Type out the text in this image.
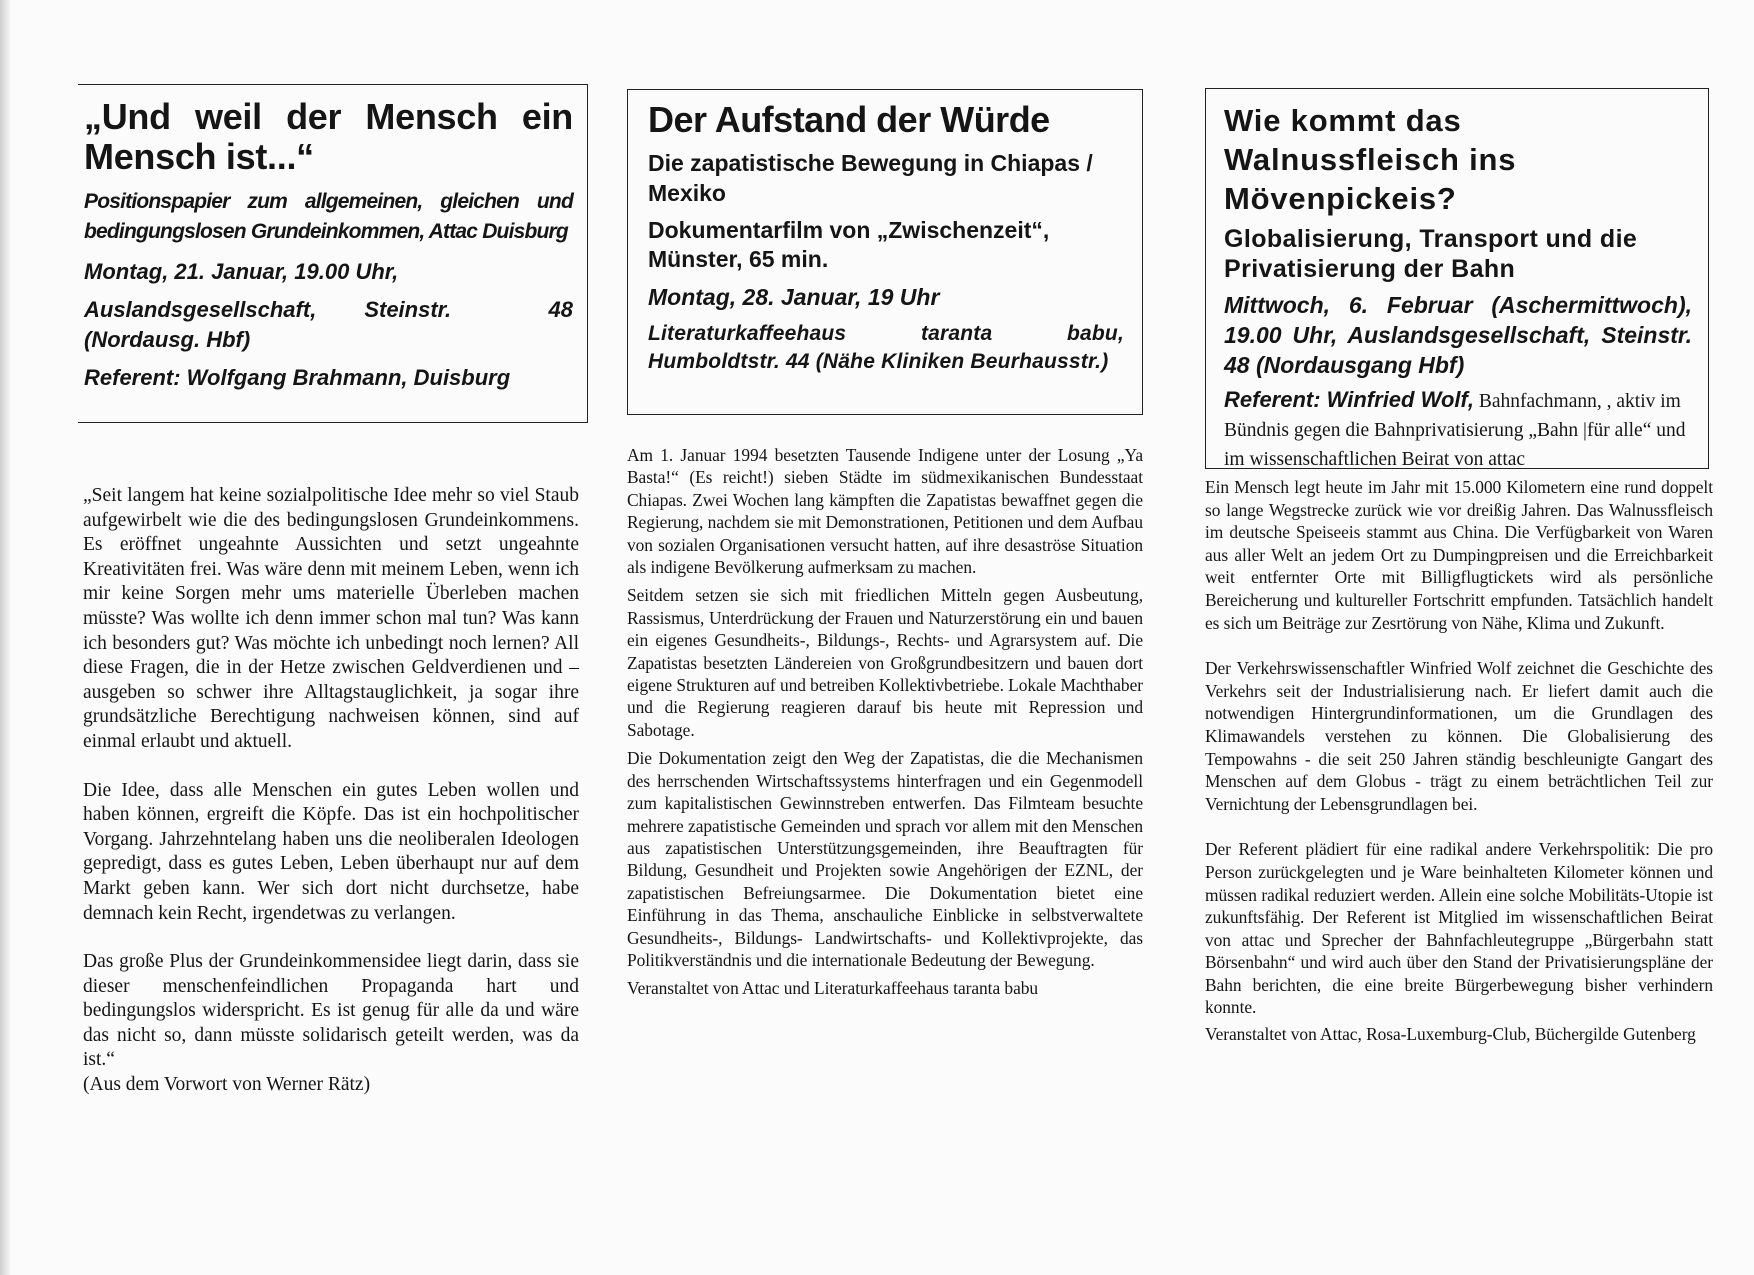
„Und weil der Mensch ein
Mensch ist...“
Positionspapier zum allgemeinen, gleichen und bedingungslosen Grundeinkommen, Attac Duisburg
Montag, 21. Januar, 19.00 Uhr,
Auslandsgesellschaft, Steinstr.	48

(Nordausg. Hbf)
Referent: Wolfgang Brahmann, Duisburg

„Seit langem hat keine sozialpolitische Idee mehr so viel Staub aufgewirbelt wie die des bedingungslosen Grundeinkommens. Es eröffnet ungeahnte Aussichten und setzt ungeahnte Kreativitäten frei. Was wäre denn mit meinem Leben, wenn ich mir keine Sorgen mehr ums materielle Überleben machen müsste? Was wollte ich denn immer schon mal tun? Was kann ich besonders gut? Was möchte ich unbedingt noch lernen? All diese Fragen, die in der Hetze zwischen Geldverdienen und –ausgeben so schwer ihre Alltagstauglichkeit, ja sogar ihre grundsätzliche Berechtigung nachweisen können, sind auf einmal erlaubt und aktuell.

Die Idee, dass alle Menschen ein gutes Leben wollen und haben können, ergreift die Köpfe. Das ist ein hochpolitischer Vorgang. Jahrzehntelang haben uns die neoliberalen Ideologen gepredigt, dass es gutes Leben, Leben überhaupt nur auf dem Markt geben kann. Wer sich dort nicht durchsetze, habe demnach kein Recht, irgendetwas zu verlangen.

Das große Plus der Grundeinkommensidee liegt darin, dass sie dieser menschenfeindlichen Propaganda hart und bedingungslos widerspricht. Es ist genug für alle da und wäre das nicht so, dann müsste solidarisch geteilt werden, was da ist.“

(Aus dem Vorwort von Werner Rätz)

Der Aufstand der Würde
Die zapatistische Bewegung in Chiapas / Mexiko
Dokumentarfilm von „Zwischenzeit“, Münster, 65 min.
Montag, 28. Januar, 19 Uhr
Literaturkaffeehaus taranta babu, Humboldtstr. 44 (Nähe Kliniken Beurhausstr.)

Am 1. Januar 1994 besetzten Tausende Indigene unter der Losung „Ya Basta!“ (Es reicht!) sieben Städte im südmexikanischen Bundesstaat Chiapas. Zwei Wochen lang kämpften die Zapatistas bewaffnet gegen die Regierung, nachdem sie mit Demonstrationen, Petitionen und dem Aufbau von sozialen Organisationen versucht hatten, auf ihre desaströse Situation als indigene Bevölkerung aufmerksam zu machen.

Seitdem setzen sie sich mit friedlichen Mitteln gegen Ausbeutung, Rassismus, Unterdrückung der Frauen und Naturzerstörung ein und bauen ein eigenes Gesundheits-, Bildungs-, Rechts- und Agrarsystem auf. Die Zapatistas besetzten Ländereien von Großgrundbesitzern und bauen dort eigene Strukturen auf und betreiben Kollektivbetriebe. Lokale Machthaber und die Regierung reagieren darauf bis heute mit Repression und Sabotage.

Die Dokumentation zeigt den Weg der Zapatistas, die die Mechanismen des herrschenden Wirtschaftssystems hinterfragen und ein Gegenmodell zum kapitalistischen Gewinnstreben entwerfen. Das Filmteam besuchte mehrere zapatistische Gemeinden und sprach vor allem mit den Menschen aus zapatistischen Unterstützungsgemeinden, ihre Beauftragten für Bildung, Gesundheit und Projekten sowie Angehörigen der EZNL, der zapatistischen Befreiungsarmee. Die Dokumentation bietet eine Einführung in das Thema, anschauliche Einblicke in selbstverwaltete Gesundheits-, Bildungs- Landwirtschafts- und Kollektivprojekte, das Politikverständnis und die internationale Bedeutung der Bewegung.

Veranstaltet von Attac und Literaturkaffeehaus taranta babu

Wie kommt das Walnussfleisch ins Mövenpickeis?
Globalisierung, Transport und die Privatisierung der Bahn
Mittwoch, 6. Februar (Aschermittwoch), 19.00 Uhr, Auslandsgesellschaft, Steinstr. 48 (Nordausgang Hbf)
Referent: Winfried Wolf, Bahnfachmann, , aktiv im Bündnis gegen die Bahnprivatisierung „Bahn |für alle“ und im wissenschaftlichen Beirat von attac

Ein Mensch legt heute im Jahr mit 15.000 Kilometern eine rund doppelt so lange Wegstrecke zurück wie vor dreißig Jahren. Das Walnussfleisch im deutsche Speiseeis stammt aus China. Die Verfügbarkeit von Waren aus aller Welt an jedem Ort zu Dumpingpreisen und die Erreichbarkeit weit entfernter Orte mit Billigflugtickets wird als persönliche Bereicherung und kultureller Fortschritt empfunden. Tatsächlich handelt es sich um Beiträge zur Zesrtörung von Nähe, Klima und Zukunft.

Der Verkehrswissenschaftler Winfried Wolf zeichnet die Geschichte des Verkehrs seit der Industrialisierung nach. Er liefert damit auch die notwendigen Hintergrundinformationen, um die Grundlagen des Klimawandels verstehen zu können. Die Globalisierung des Tempowahns - die seit 250 Jahren ständig beschleunigte Gangart des Menschen auf dem Globus - trägt zu einem beträchtlichen Teil zur Vernichtung der Lebensgrundlagen bei.

Der Referent plädiert für eine radikal andere Verkehrspolitik: Die pro Person zurückgelegten und je Ware beinhalteten Kilometer können und müssen radikal reduziert werden. Allein eine solche Mobilitäts-Utopie ist zukunftsfähig. Der Referent ist Mitglied im wissenschaftlichen Beirat von attac und Sprecher der Bahnfachleutegruppe „Bürgerbahn statt Börsenbahn“ und wird auch über den Stand der Privatisierungspläne der Bahn berichten, die eine breite Bürgerbewegung bisher verhindern konnte.

Veranstaltet von Attac, Rosa-Luxemburg-Club, Büchergilde Gutenberg
